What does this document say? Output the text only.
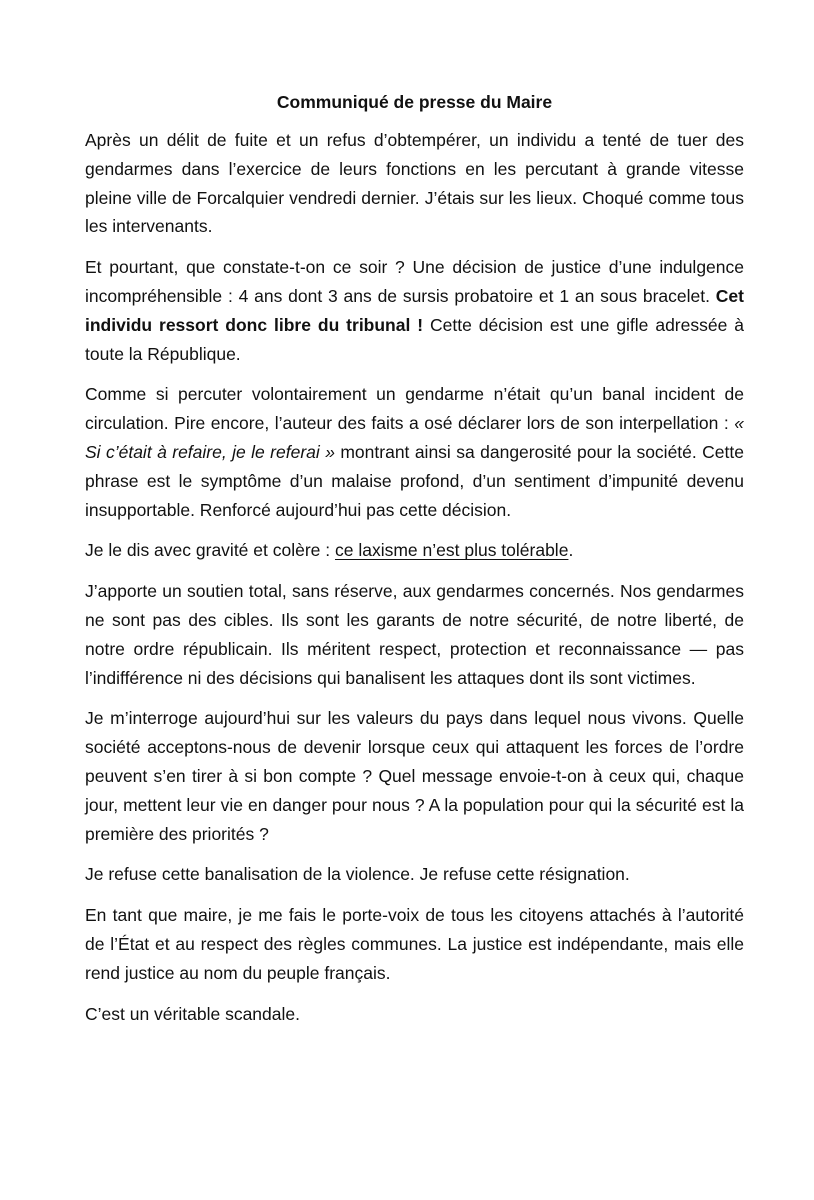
Communiqué de presse du Maire

Après un délit de fuite et un refus d’obtempérer, un individu a tenté de tuer des gendarmes dans l’exercice de leurs fonctions en les percutant à grande vitesse pleine ville de Forcalquier vendredi dernier. J’étais sur les lieux. Choqué comme tous les intervenants.

Et pourtant, que constate-t-on ce soir ? Une décision de justice d’une indulgence incompréhensible : 4 ans dont 3 ans de sursis probatoire et 1 an sous bracelet. Cet individu ressort donc libre du tribunal ! Cette décision est une gifle adressée à toute la République.

Comme si percuter volontairement un gendarme n’était qu’un banal incident de circulation. Pire encore, l’auteur des faits a osé déclarer lors de son interpellation : « Si c’était à refaire, je le referai » montrant ainsi sa dangerosité pour la société. Cette phrase est le symptôme d’un malaise profond, d’un sentiment d’impunité devenu insupportable. Renforcé aujourd’hui pas cette décision.

Je le dis avec gravité et colère : ce laxisme n’est plus tolérable.

J’apporte un soutien total, sans réserve, aux gendarmes concernés. Nos gendarmes ne sont pas des cibles. Ils sont les garants de notre sécurité, de notre liberté, de notre ordre républicain. Ils méritent respect, protection et reconnaissance — pas l’indifférence ni des décisions qui banalisent les attaques dont ils sont victimes.

Je m’interroge aujourd’hui sur les valeurs du pays dans lequel nous vivons. Quelle société acceptons-nous de devenir lorsque ceux qui attaquent les forces de l’ordre peuvent s’en tirer à si bon compte ? Quel message envoie-t-on à ceux qui, chaque jour, mettent leur vie en danger pour nous ? A la population pour qui la sécurité est la première des priorités ?

Je refuse cette banalisation de la violence. Je refuse cette résignation.

En tant que maire, je me fais le porte-voix de tous les citoyens attachés à l’autorité de l’État et au respect des règles communes. La justice est indépendante, mais elle rend justice au nom du peuple français.

C’est un véritable scandale.
